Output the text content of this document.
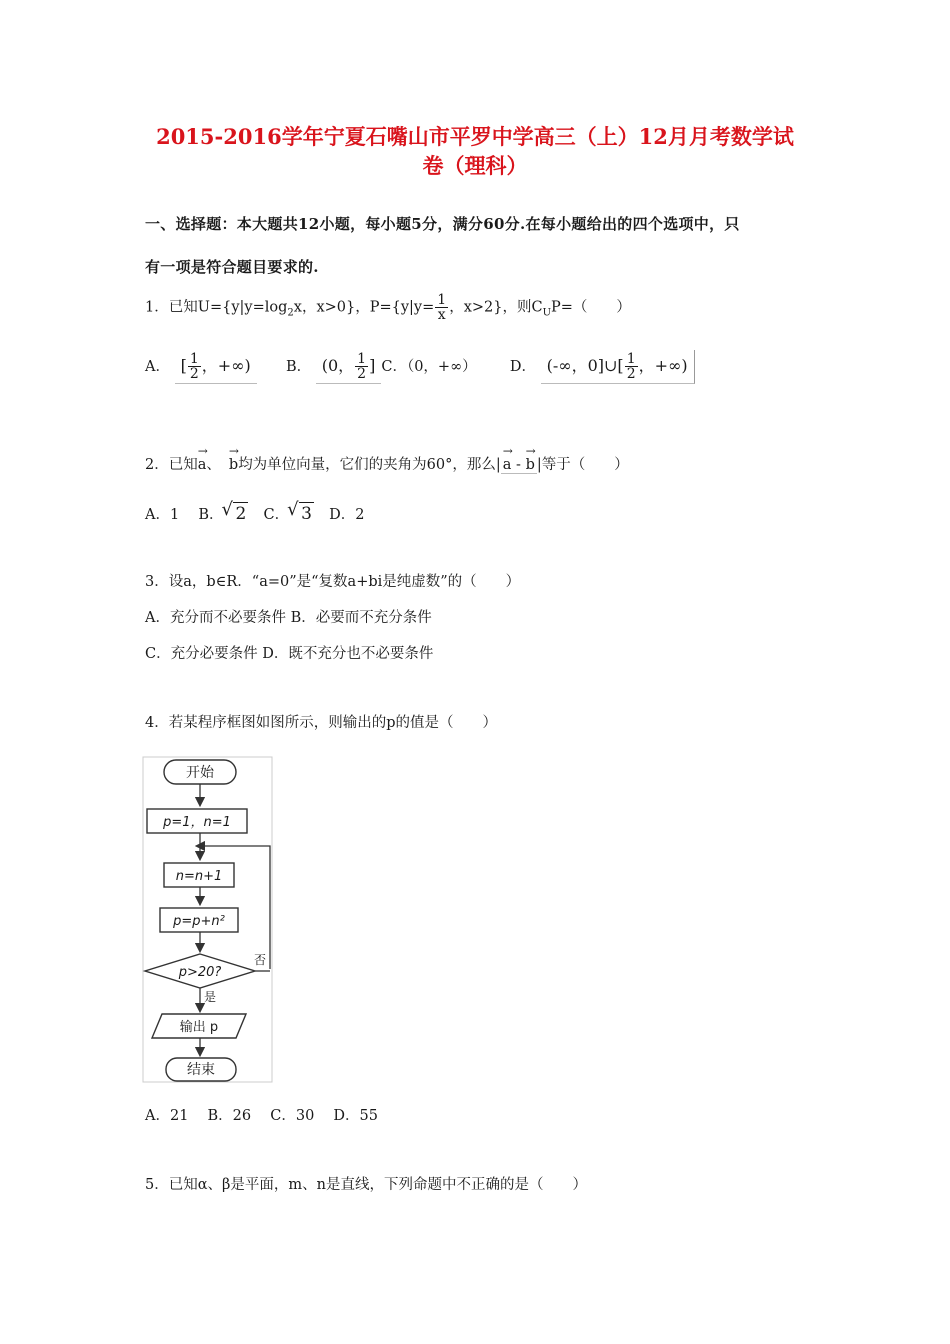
2015-2016学年宁夏石嘴山市平罗中学高三（上）12月月考数学试
卷（理科）
一、选择题：本大题共12小题，每小题5分，满分60分.在每小题给出的四个选项中，只
有一项是符合题目要求的.
1．已知$U=\{y|y=\log_2x$，x>0}，$P=\{y|y= \frac{1}{x}$ ，x>2}，则$C_UP=$（　　）
A． [ $\frac{1}{2}$ ，+∞) B． (0， $\frac{1}{2}$ ] C．（0，+∞） D． (-∞，0]∪[ $\frac{1}{2}$ ，+∞)
2．已知→ a、 → b均为单位向量，它们的夹角为60°，那么| → a - → b |等于（　　）
A．1　 B． √ 2 C． √ 3 D．2
3．设a，b∈R．“a=0”是“复数a+bi是纯虚数”的（　　）
A．充分而不必要条件 B．必要而不充分条件
C．充分必要条件 D．既不充分也不必要条件
4．若某程序框图如图所示，则输出的p的值是（　　）
开始
p=1，n=1
n=n+1
p=p+n²
p>20?
否
是
输出 p
结束
A．21　 B．26　 C．30　 D．55
5．已知α、β是平面，m、n是直线，下列命题中不正确的是（　　）
